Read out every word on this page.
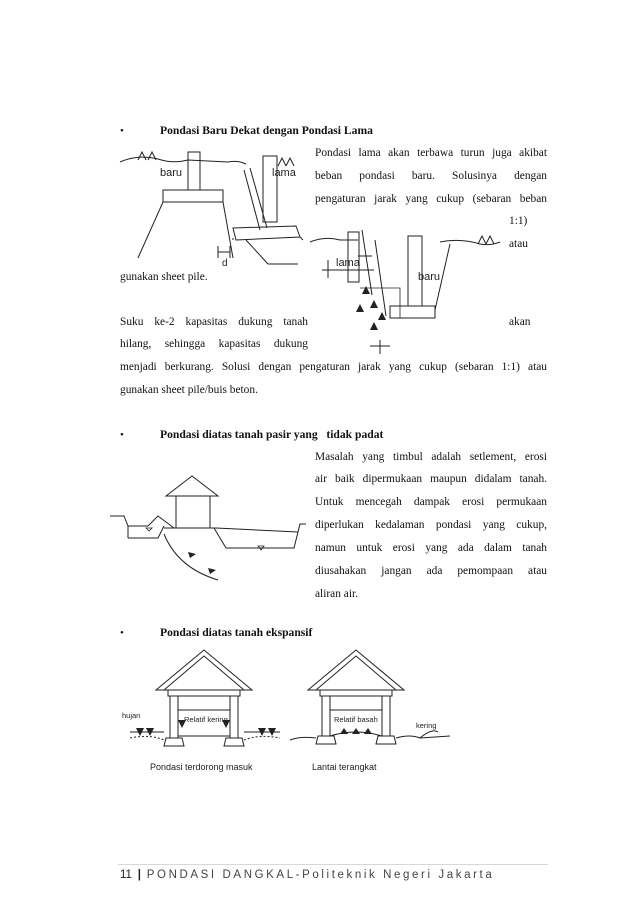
•	Pondasi Baru Dekat dengan Pondasi Lama
Pondasi lama akan terbawa turun juga akibat
beban pondasi baru. Solusinya dengan
pengaturan jarak yang cukup (sebaran beban
1:1)
atau
baru	lama
d	lama
baru
gunakan sheet pile.
Suku ke-2 kapasitas dukung tanah	akan
hilang, sehingga kapasitas dukung
menjadi berkurang. Solusi dengan pengaturan jarak yang cukup (sebaran 1:1) atau
gunakan sheet pile/buis beton.
•	Pondasi diatas tanah pasir yang   tidak padat
Masalah yang timbul adalah setlement, erosi
air baik dipermukaan maupun didalam tanah.
Untuk mencegah dampak erosi permukaan
diperlukan kedalaman pondasi yang cukup,
namun untuk erosi yang ada dalam tanah
diusahakan jangan ada pemompaan atau
aliran air.
•	Pondasi diatas tanah ekspansif
hujan	Relatif kering	Relatif basah
kering
Pondasi terdorong masuk	Lantai terangkat
11 | PONDASI DANGKAL-Politeknik Negeri Jakarta
